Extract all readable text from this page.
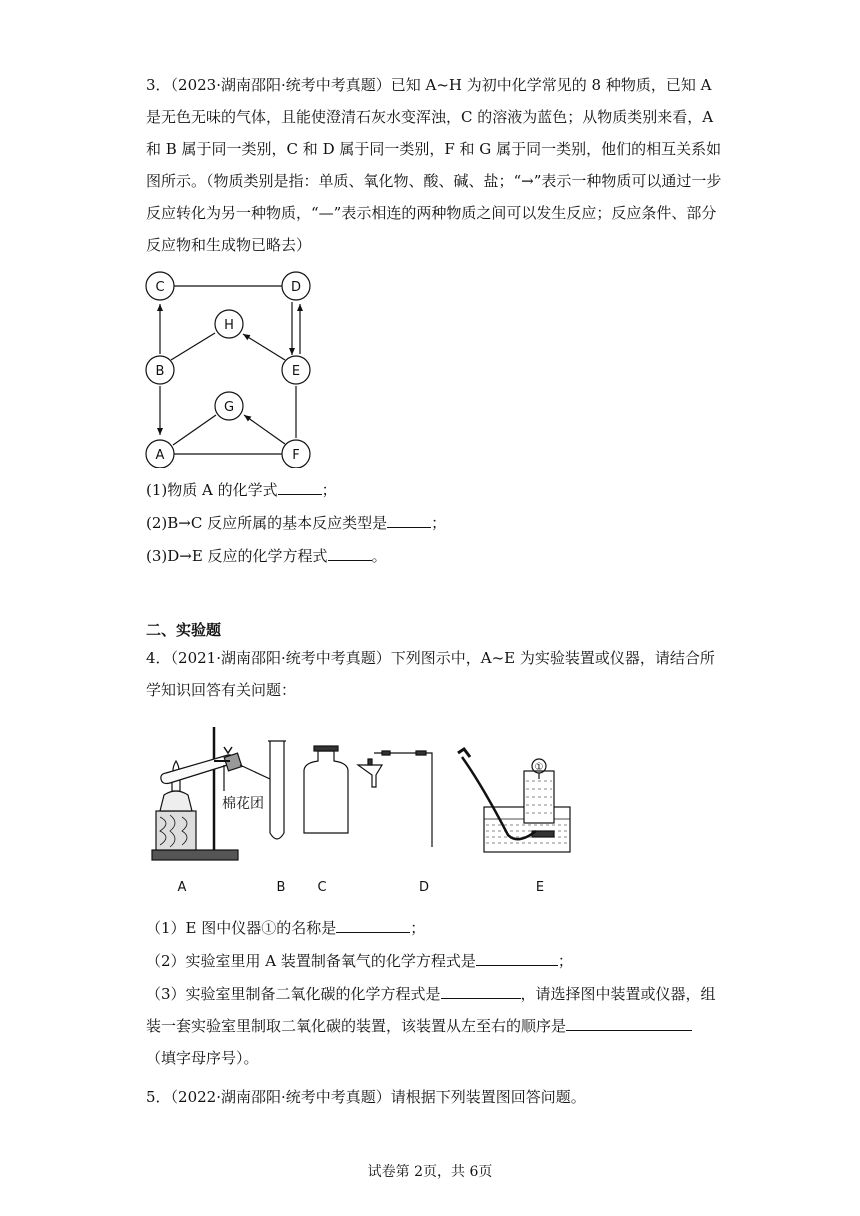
3．（2023·湖南邵阳·统考中考真题）已知 A~H 为初中化学常见的 8 种物质，已知 A 是无色无味的气体，且能使澄清石灰水变浑浊，C 的溶液为蓝色；从物质类别来看，A 和 B 属于同一类别，C 和 D 属于同一类别，F 和 G 属于同一类别，他们的相互关系如图所示。（物质类别是指：单质、氧化物、酸、碱、盐；“→”表示一种物质可以通过一步反应转化为另一种物质，“—”表示相连的两种物质之间可以发生反应；反应条件、部分反应物和生成物已略去）
C	D
H
B	E
G
A	F
(1)物质 A 的化学式	；
(2)B→C 反应所属的基本反应类型是	；
(3)D→E 反应的化学方程式	。
二、实验题
4．（2021·湖南邵阳·统考中考真题）下列图示中，A~E 为实验装置或仪器，请结合所学知识回答有关问题：
①
棉花团
A	B C	D	E
（1）E 图中仪器①的名称是	；
（2）实验室里用 A 装置制备氧气的化学方程式是	；
（3）实验室里制备二氧化碳的化学方程式是	，请选择图中装置或仪器，组装一套实验室里制取二氧化碳的装置，该装置从左至右的顺序是（填字母序号）。
5．（2022·湖南邵阳·统考中考真题）请根据下列装置图回答问题。
试卷第 2页，共 6页
